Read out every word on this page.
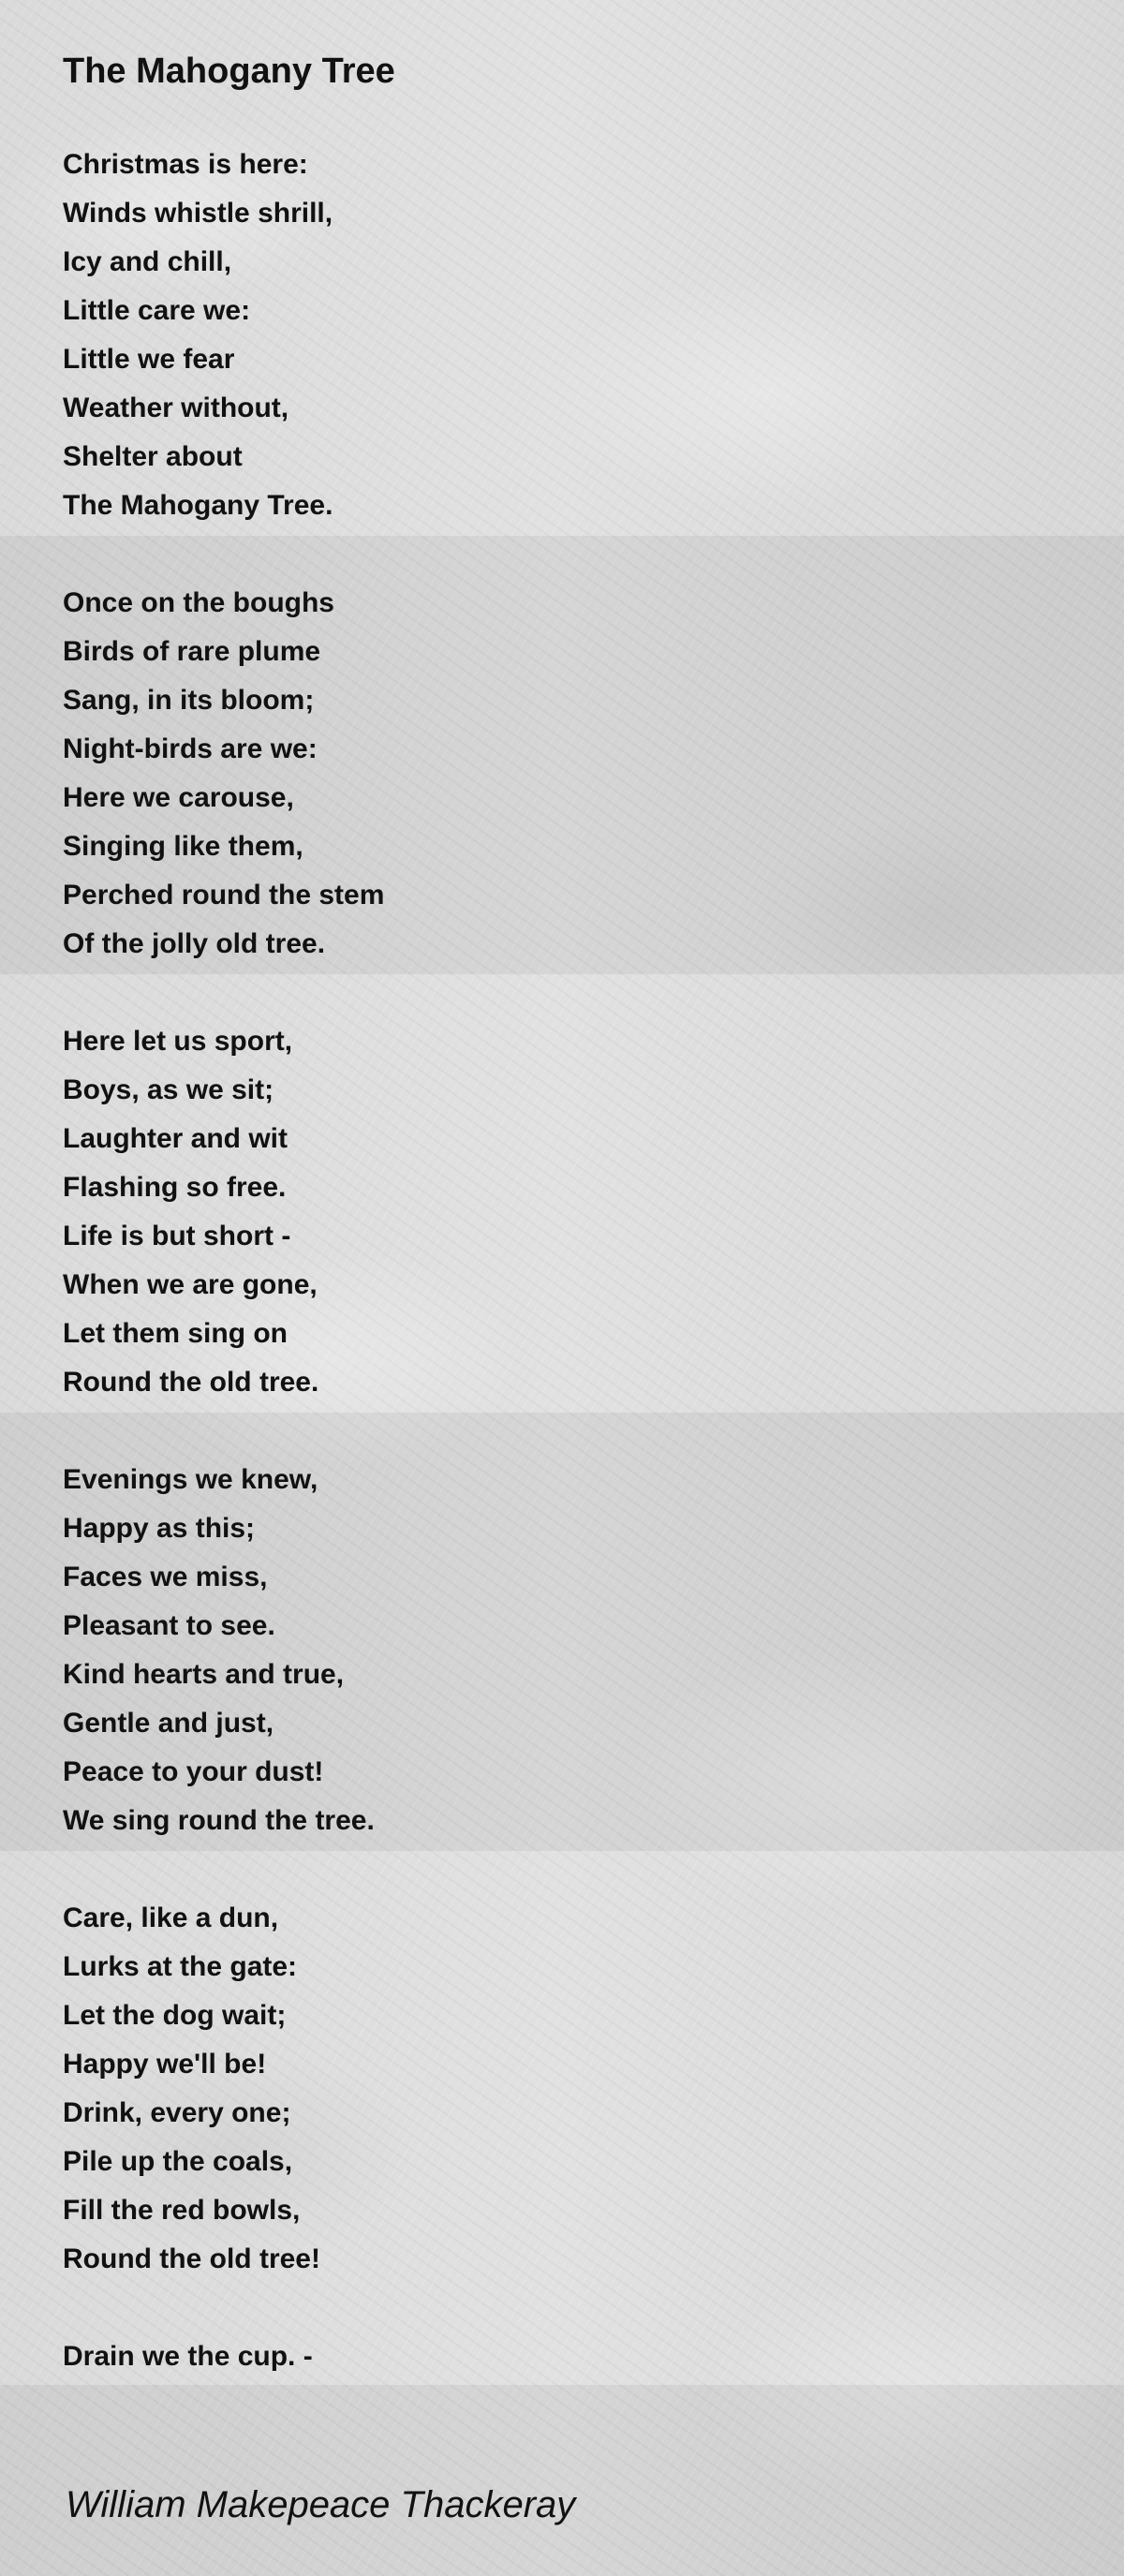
The Mahogany Tree
Christmas is here:
Winds whistle shrill,
Icy and chill,
Little care we:
Little we fear
Weather without,
Shelter about
The Mahogany Tree.
Once on the boughs
Birds of rare plume
Sang, in its bloom;
Night-birds are we:
Here we carouse,
Singing like them,
Perched round the stem
Of the jolly old tree.
Here let us sport,
Boys, as we sit;
Laughter and wit
Flashing so free.
Life is but short -
When we are gone,
Let them sing on
Round the old tree.
Evenings we knew,
Happy as this;
Faces we miss,
Pleasant to see.
Kind hearts and true,
Gentle and just,
Peace to your dust!
We sing round the tree.
Care, like a dun,
Lurks at the gate:
Let the dog wait;
Happy we'll be!
Drink, every one;
Pile up the coals,
Fill the red bowls,
Round the old tree!
Drain we the cup. -

William Makepeace Thackeray
